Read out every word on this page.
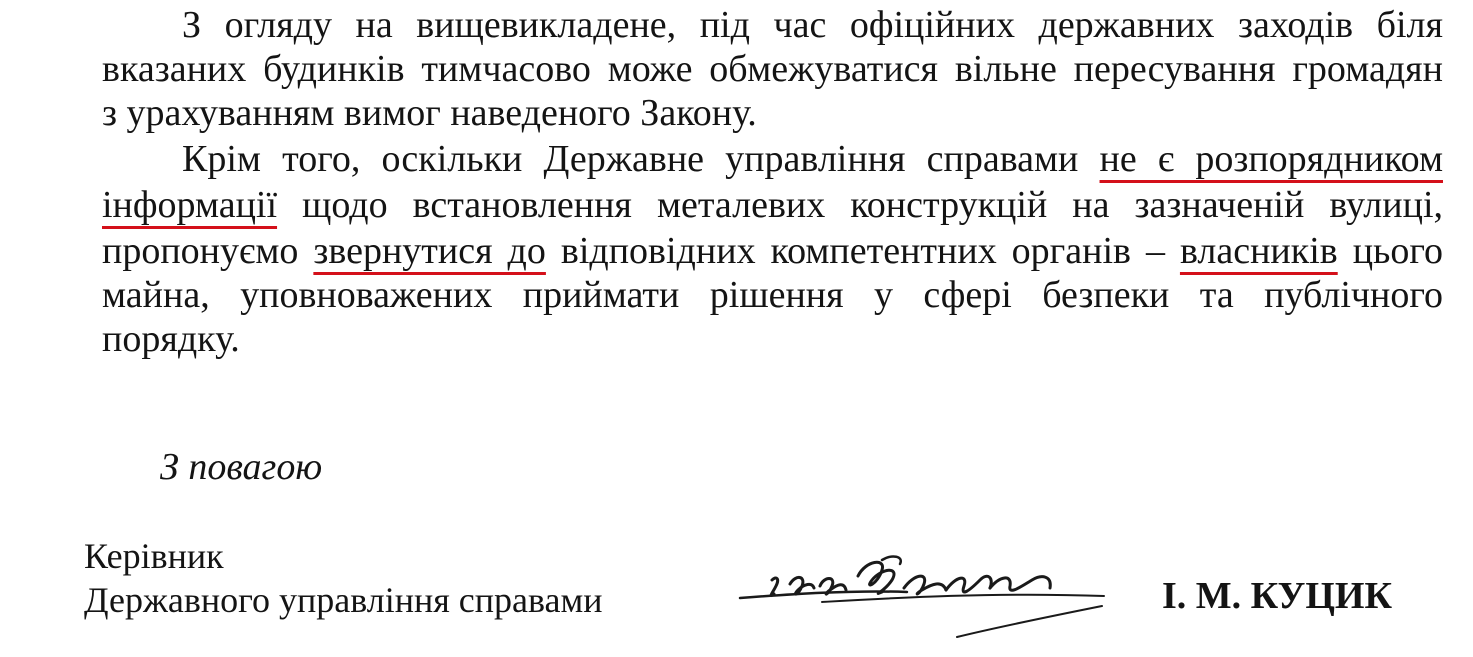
З огляду на вищевикладене, під час офіційних державних заходів біля
вказаних будинків тимчасово може обмежуватися вільне пересування громадян
з урахуванням вимог наведеного Закону.
Крім того, оскільки Державне управління справами не є розпорядником
інформації щодо встановлення металевих конструкцій на зазначеній вулиці,
пропонуємо звернутися до відповідних компетентних органів – власників цього
майна, уповноважених приймати рішення у сфері безпеки та публічного
порядку.
З повагою
Керівник
Державного управління справами	І. М. КУЦИК
